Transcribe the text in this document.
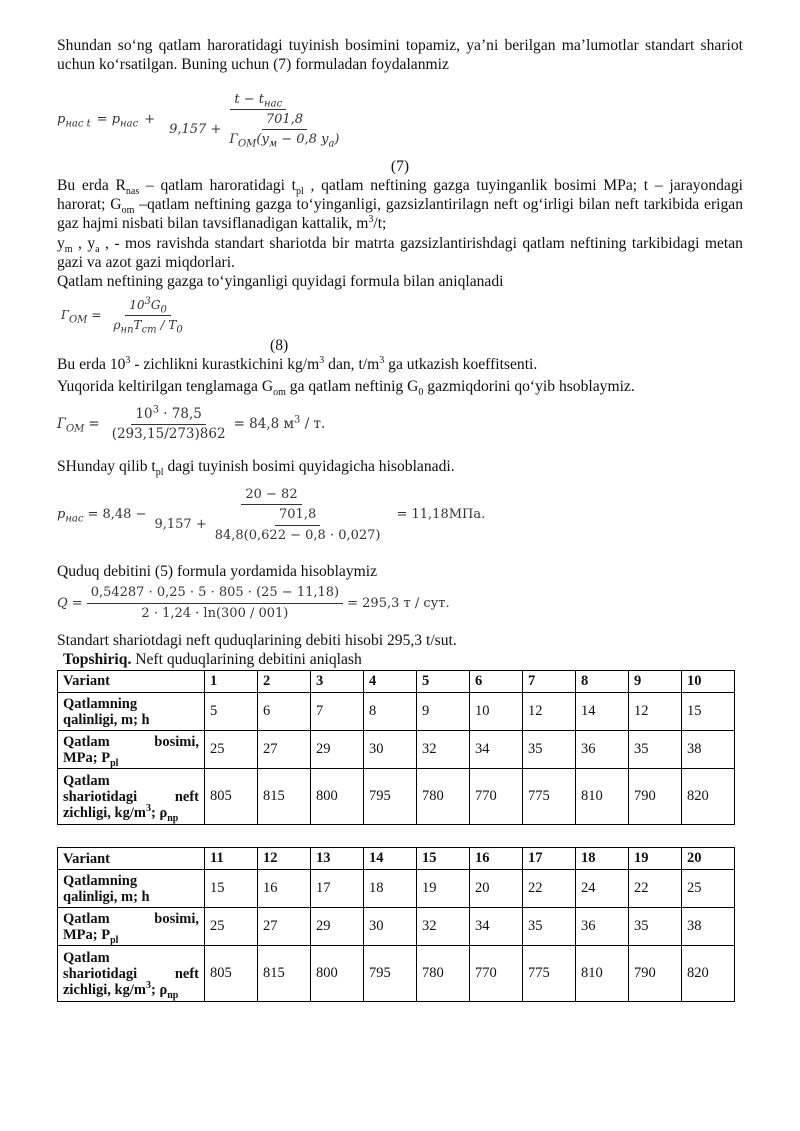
Shundan so‘ng qatlam haroratidagi tuyinish bosimini topamiz, ya’ni berilgan ma’lumotlar standart shariot uchun ko‘rsatilgan. Buning uchun (7) formuladan foydalanmiz

$p_{нас t} = p_{нас} + \frac{t - t_{нас}}{9,157 + \frac{701,8}{Г_{ОМ}(y_м - 0,8 y_a)}}$

(7)

Bu erda $R_{nas}$ – qatlam haroratidagi $t_{pl}$ , qatlam neftining gazga tuyinganlik bosimi MPa; t – jarayondagi harorat; $G_{om}$ –qatlam neftining gazga to‘yinganligi, gazsizlantirilagn neft og‘irligi bilan neft tarkibida erigan gaz hajmi nisbati bilan tavsiflanadigan kattalik, $m^3/t$;

$y_m$ , $y_a$ , - mos ravishda standart shariotda bir matrta gazsizlantirishdagi qatlam neftining tarkibidagi metan gazi va azot gazi miqdorlari.

Qatlam neftining gazga to‘yinganligi quyidagi formula bilan aniqlanadi

$Г_{ОМ} = \frac{10^3G_0}{\rho_{нп}T_{cт} / T_0}$

(8)

Bu erda $10^3$ - zichlikni kurastkichini $kg/m^3$ dan, $t/m^3$ ga utkazish koeffitsenti.

Yuqorida keltirilgan tenglamaga $G_{om}$ ga qatlam neftinig $G_0$ gazmiqdorini qo‘yib hsoblaymiz.

$Г_{ОМ} = \frac{10^3 \cdot 78,5}{(293,15/273)862} = 84,8$ $м^3$ / т.

SHunday qilib $t_{pl}$ dagi tuyinish bosimi quyidagicha hisoblanadi.

$p_{нас} = 8,48$ −
20 − 82
$9,157 + \frac{701,8}{84,8(0,622 - 0,8 \cdot 0,027)} = 11,18МПа$.

Quduq debitini (5) formula yordamida hisoblaymiz

$Q = \frac{0,54287 \cdot 0,25 \cdot 5 \cdot 805 \cdot (25 - 11,18)}{2 \cdot 1,24 \cdot \ln(300 / 001)} = 295,3$ т / сут.

Standart shariotdagi neft quduqlarining debiti hisobi 295,3 t/sut.

Topshiriq. Neft quduqlarining debitini aniqlash

Variant	1	2	3	4	5	6	7	8	9	10

Qatlamning
qalinligi, m; h	5	6	7	8	9	10	12	14	12	15

Qatlam bosimi,
MPa; $P_{pl}$	25	27	29	30	32	34	35	36	35	38

Qatlam
shariotidagi neft
zichligi, $kg/m^3$; $\rho_{np}$	805	815	800	795	780	770	775	810	790	820
Variant	11	12	13	14	15	16	17	18	19	20

Qatlamning
qalinligi, m; h	15	16	17	18	19	20	22	24	22	25

Qatlam bosimi,
MPa; $P_{pl}$	25	27	29	30	32	34	35	36	35	38

Qatlam
shariotidagi neft
zichligi, $kg/m^3$; $\rho_{np}$	805	815	800	795	780	770	775	810	790	820
